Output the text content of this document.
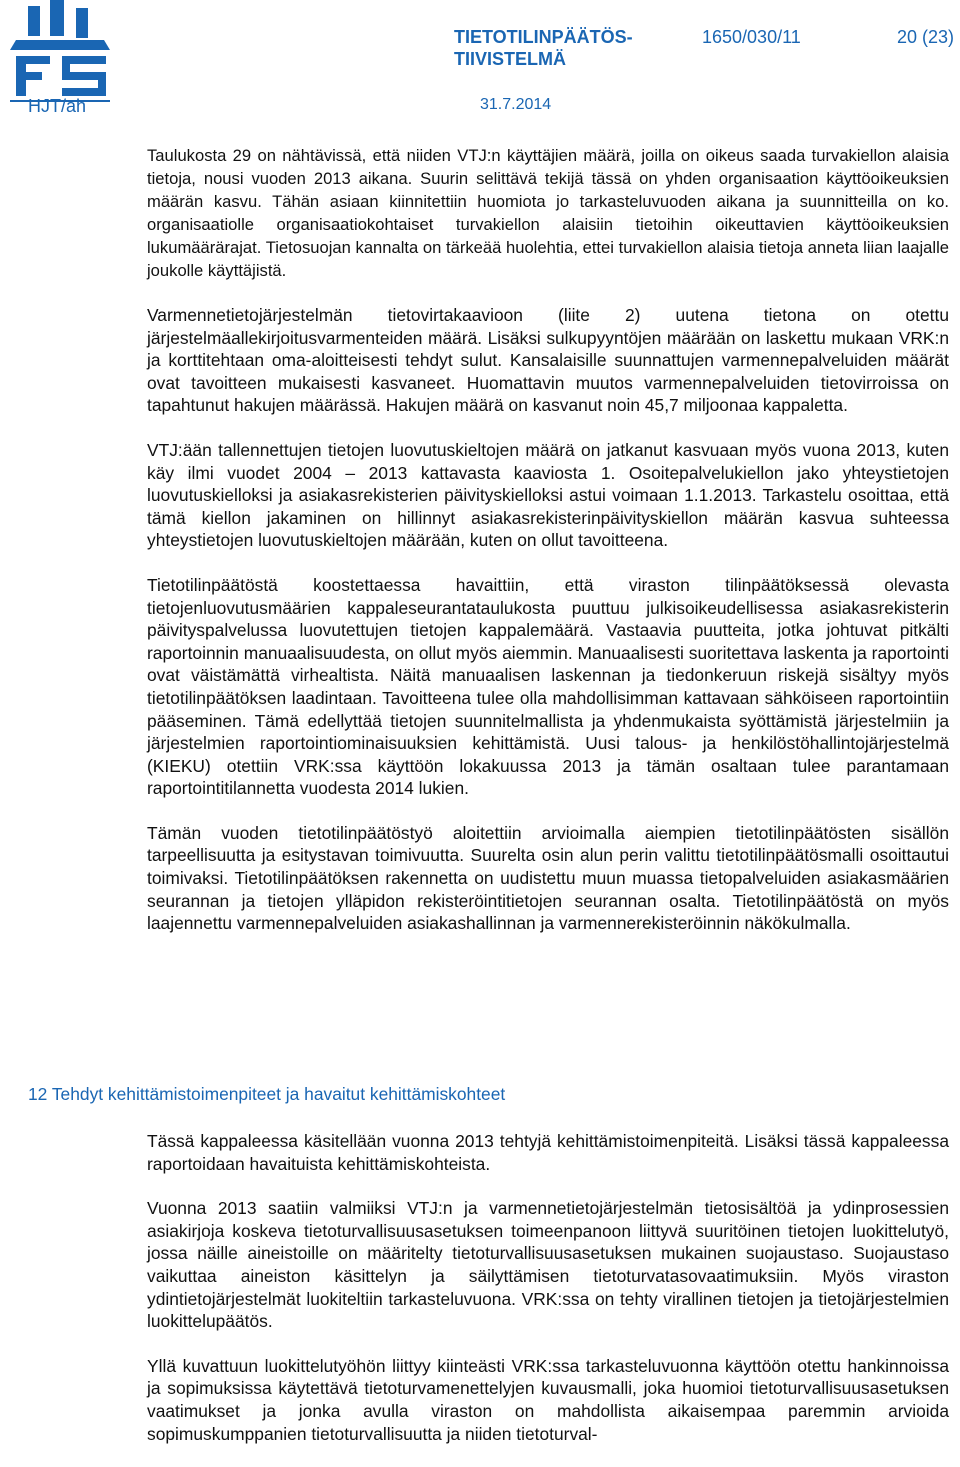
HJT/ah
TIETOTILINPÄÄTÖS-
TIIVISTELMÄ
1650/030/11	20 (23)
31.7.2014

Taulukosta 29 on nähtävissä, että niiden VTJ:n käyttäjien määrä, joilla on oikeus saada turvakiellon alaisia tietoja, nousi vuoden 2013 aikana. Suurin selittävä tekijä tässä on yhden organisaation käyttöoikeuksien määrän kasvu. Tähän asiaan kiinnitettiin huomiota jo tarkasteluvuoden aikana ja suunnitteilla on ko. organisaatiolle organisaatiokohtaiset turvakiellon alaisiin tietoihin oikeuttavien käyttöoikeuksien lukumäärärajat. Tietosuojan kannalta on tärkeää huolehtia, ettei turvakiellon alaisia tietoja anneta liian laajalle joukolle käyttäjistä.

Varmennetietojärjestelmän tietovirtakaavioon (liite 2) uutena tietona on otettu järjestelmäallekirjoitusvarmenteiden määrä. Lisäksi sulkupyyntöjen määrään on laskettu mukaan VRK:n ja korttitehtaan oma-aloitteisesti tehdyt sulut. Kansalaisille suunnattujen varmennepalveluiden määrät ovat tavoitteen mukaisesti kasvaneet. Huomattavin muutos varmennepalveluiden tietovirroissa on tapahtunut hakujen määrässä. Hakujen määrä on kasvanut noin 45,7 miljoonaa kappaletta.

VTJ:ään tallennettujen tietojen luovutuskieltojen määrä on jatkanut kasvuaan myös vuona 2013, kuten käy ilmi vuodet 2004 – 2013 kattavasta kaaviosta 1. Osoitepalvelukiellon jako yhteystietojen luovutuskielloksi ja asiakasrekisterien päivityskielloksi astui voimaan 1.1.2013. Tarkastelu osoittaa, että tämä kiellon jakaminen on hillinnyt asiakasrekisterinpäivityskiellon määrän kasvua suhteessa yhteystietojen luovutuskieltojen määrään, kuten on ollut tavoitteena.

Tietotilinpäätöstä koostettaessa havaittiin, että viraston tilinpäätöksessä olevasta tietojenluovutusmäärien kappaleseurantataulukosta puuttuu julkisoikeudellisessa asiakasrekisterin päivityspalvelussa luovutettujen tietojen kappalemäärä. Vastaavia puutteita, jotka johtuvat pitkälti raportoinnin manuaalisuudesta, on ollut myös aiemmin. Manuaalisesti suoritettava laskenta ja raportointi ovat väistämättä virhealtista. Näitä manuaalisen laskennan ja tiedonkeruun riskejä sisältyy myös tietotilinpäätöksen laadintaan. Tavoitteena tulee olla mahdollisimman kattavaan sähköiseen raportointiin pääseminen. Tämä edellyttää tietojen suunnitelmallista ja yhdenmukaista syöttämistä järjestelmiin ja järjestelmien raportointiominaisuuksien kehittämistä. Uusi talous- ja henkilöstöhallintojärjestelmä (KIEKU) otettiin VRK:ssa käyttöön lokakuussa 2013 ja tämän osaltaan tulee parantamaan raportointitilannetta vuodesta 2014 lukien.

Tämän vuoden tietotilinpäätöstyö aloitettiin arvioimalla aiempien tietotilinpäätösten sisällön tarpeellisuutta ja esitystavan toimivuutta. Suurelta osin alun perin valittu tietotilinpäätösmalli osoittautui toimivaksi. Tietotilinpäätöksen rakennetta on uudistettu muun muassa tietopalveluiden asiakasmäärien seurannan ja tietojen ylläpidon rekisteröintitietojen seurannan osalta. Tietotilinpäätöstä on myös laajennettu varmennepalveluiden asiakashallinnan ja varmennerekisteröinnin näkökulmalla.

12 Tehdyt kehittämistoimenpiteet ja havaitut kehittämiskohteet

Tässä kappaleessa käsitellään vuonna 2013 tehtyjä kehittämistoimenpiteitä. Lisäksi tässä kappaleessa raportoidaan havaituista kehittämiskohteista.

Vuonna 2013 saatiin valmiiksi VTJ:n ja varmennetietojärjestelmän tietosisältöä ja ydinprosessien asiakirjoja koskeva tietoturvallisuusasetuksen toimeenpanoon liittyvä suuritöinen tietojen luokittelutyö, jossa näille aineistoille on määritelty tietoturvallisuusasetuksen mukainen suojaustaso. Suojaustaso vaikuttaa aineiston käsittelyn ja säilyttämisen tietoturvatasovaatimuksiin. Myös viraston ydintietojärjestelmät luokiteltiin tarkasteluvuona. VRK:ssa on tehty virallinen tietojen ja tietojärjestelmien luokittelupäätös.

Yllä kuvattuun luokittelutyöhön liittyy kiinteästi VRK:ssa tarkasteluvuonna käyttöön otettu hankinnoissa ja sopimuksissa käytettävä tietoturvamenettelyjen kuvausmalli, joka huomioi tietoturvallisuusasetuksen vaatimukset ja jonka avulla viraston on mahdollista aikaisempaa paremmin arvioida sopimuskumppanien tietoturvallisuutta ja niiden tietoturval-
